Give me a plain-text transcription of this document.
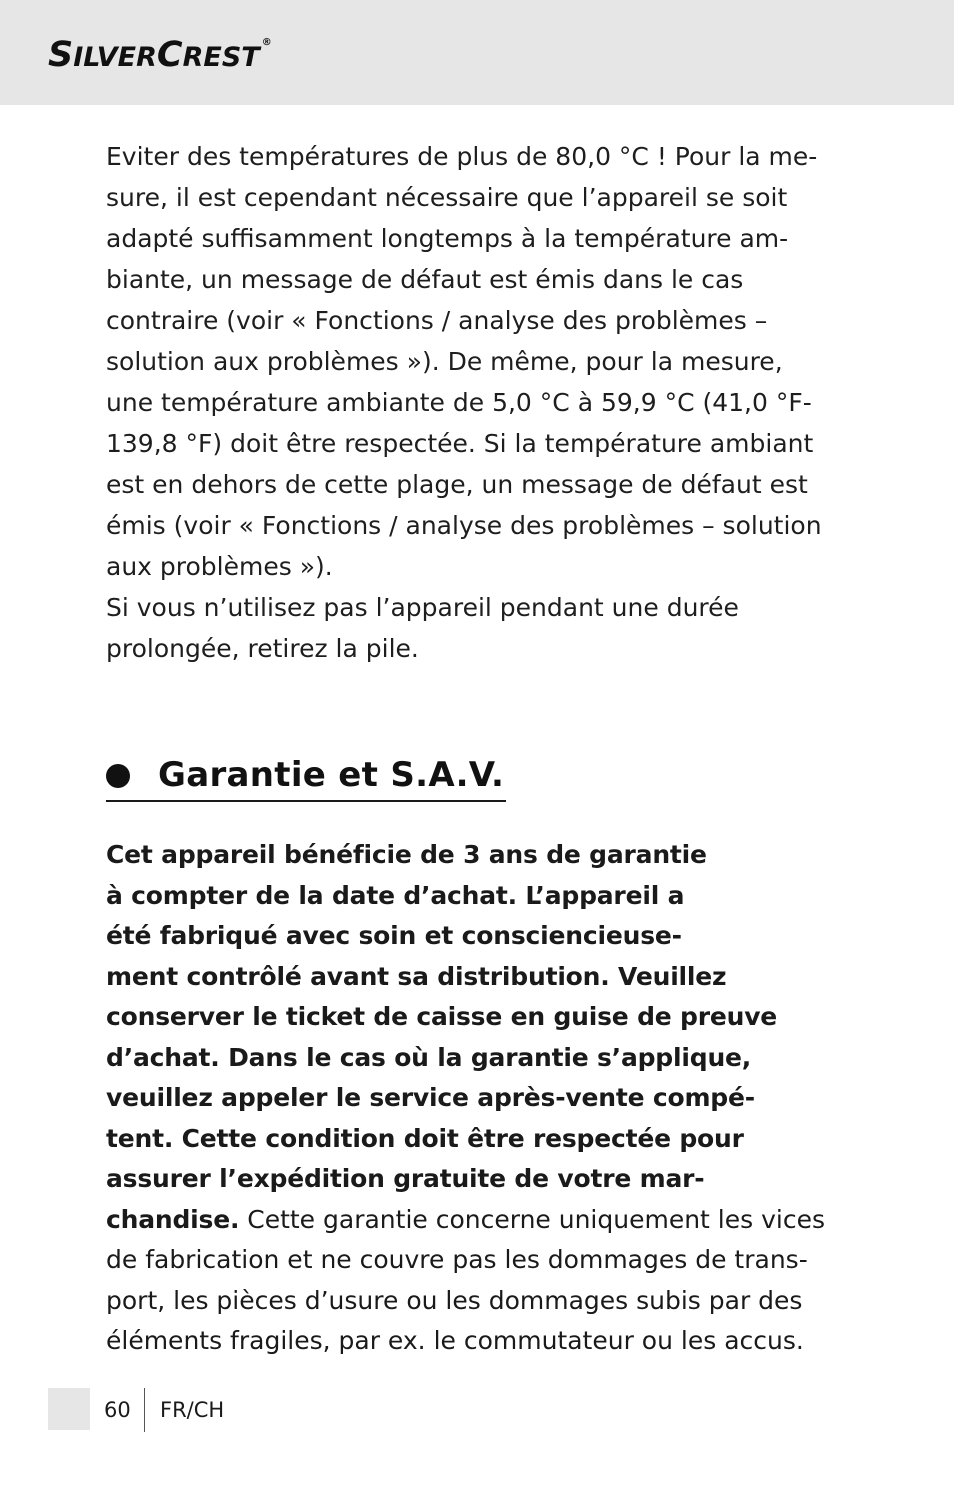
SILVERCREST ®

Eviter des températures de plus de 80,0 °C ! Pour la me-
sure, il est cependant nécessaire que l’appareil se soit
adapté suffisamment longtemps à la température am-
biante, un message de défaut est émis dans le cas
contraire (voir « Fonctions / analyse des problèmes –
solution aux problèmes »). De même, pour la mesure,
une température ambiante de 5,0 °C à 59,9 °C (41,0 °F-
139,8 °F) doit être respectée. Si la température ambiant
est en dehors de cette plage, un message de défaut est
émis (voir « Fonctions / analyse des problèmes – solution
aux problèmes »).
Si vous n’utilisez pas l’appareil pendant une durée
prolongée, retirez la pile.

Garantie et S.A.V.
Cet appareil bénéficie de 3 ans de garantie
à compter de la date d’achat. L’appareil a
été fabriqué avec soin et consciencieuse-
ment contrôlé avant sa distribution. Veuillez
conserver le ticket de caisse en guise de preuve
d’achat. Dans le cas où la garantie s’applique,
veuillez appeler le service après-vente compé-
tent. Cette condition doit être respectée pour
assurer l’expédition gratuite de votre mar-
chandise. Cette garantie concerne uniquement les vices
de fabrication et ne couvre pas les dommages de trans-
port, les pièces d’usure ou les dommages subis par des
éléments fragiles, par ex. le commutateur ou les accus.
60 FR/CH
